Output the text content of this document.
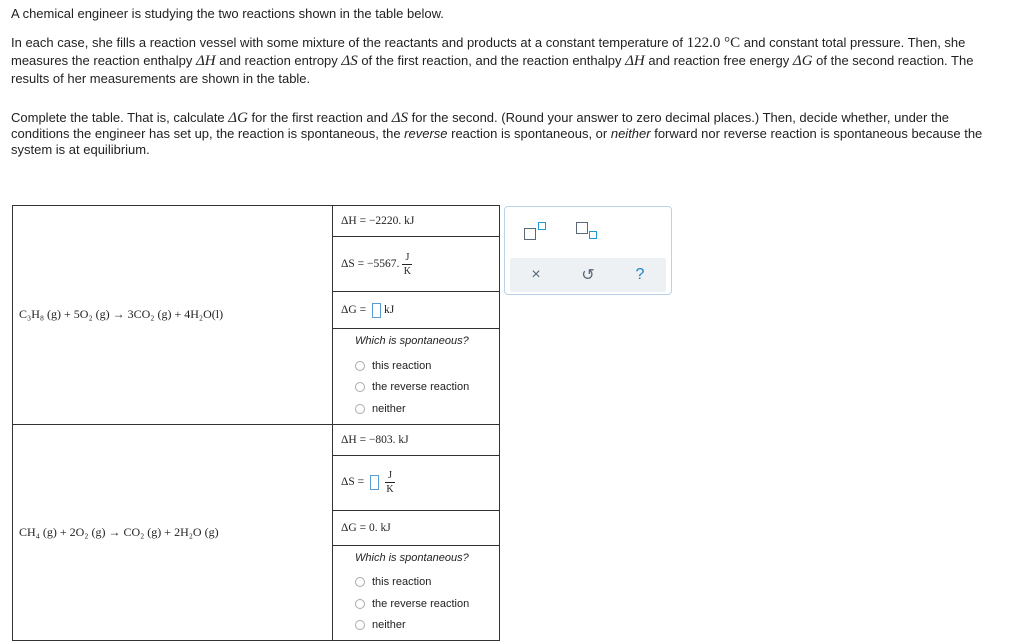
A chemical engineer is studying the two reactions shown in the table below.

In each case, she fills a reaction vessel with some mixture of the reactants and products at a constant temperature of 122.0 °C and constant total pressure. Then, she measures the reaction enthalpy ΔH and reaction entropy ΔS of the first reaction, and the reaction enthalpy ΔH and reaction free energy ΔG of the second reaction. The results of her measurements are shown in the table.

Complete the table. That is, calculate ΔG for the first reaction and ΔS for the second. (Round your answer to zero decimal places.) Then, decide whether, under the conditions the engineer has set up, the reaction is spontaneous, the reverse reaction is spontaneous, or neither forward nor reverse reaction is spontaneous because the system is at equilibrium.

C₃H₈ (g) + 5O₂ (g) → 3CO₂ (g) + 4H₂O(l)	ΔH = −2220. kJ
	ΔS = −5567. $\frac{J}{K}$

	ΔG = kJ

	Which is spontaneous?
this reaction
the reverse reaction
neither

CH₄ (g) + 2O₂ (g) → CO₂ (g) + 2H₂O (g)	ΔH = −803. kJ
	$\Delta S = \frac{J}{K}$

	ΔG = 0. kJ

	Which is spontaneous?
this reaction
the reverse reaction
neither
×	↺	?
